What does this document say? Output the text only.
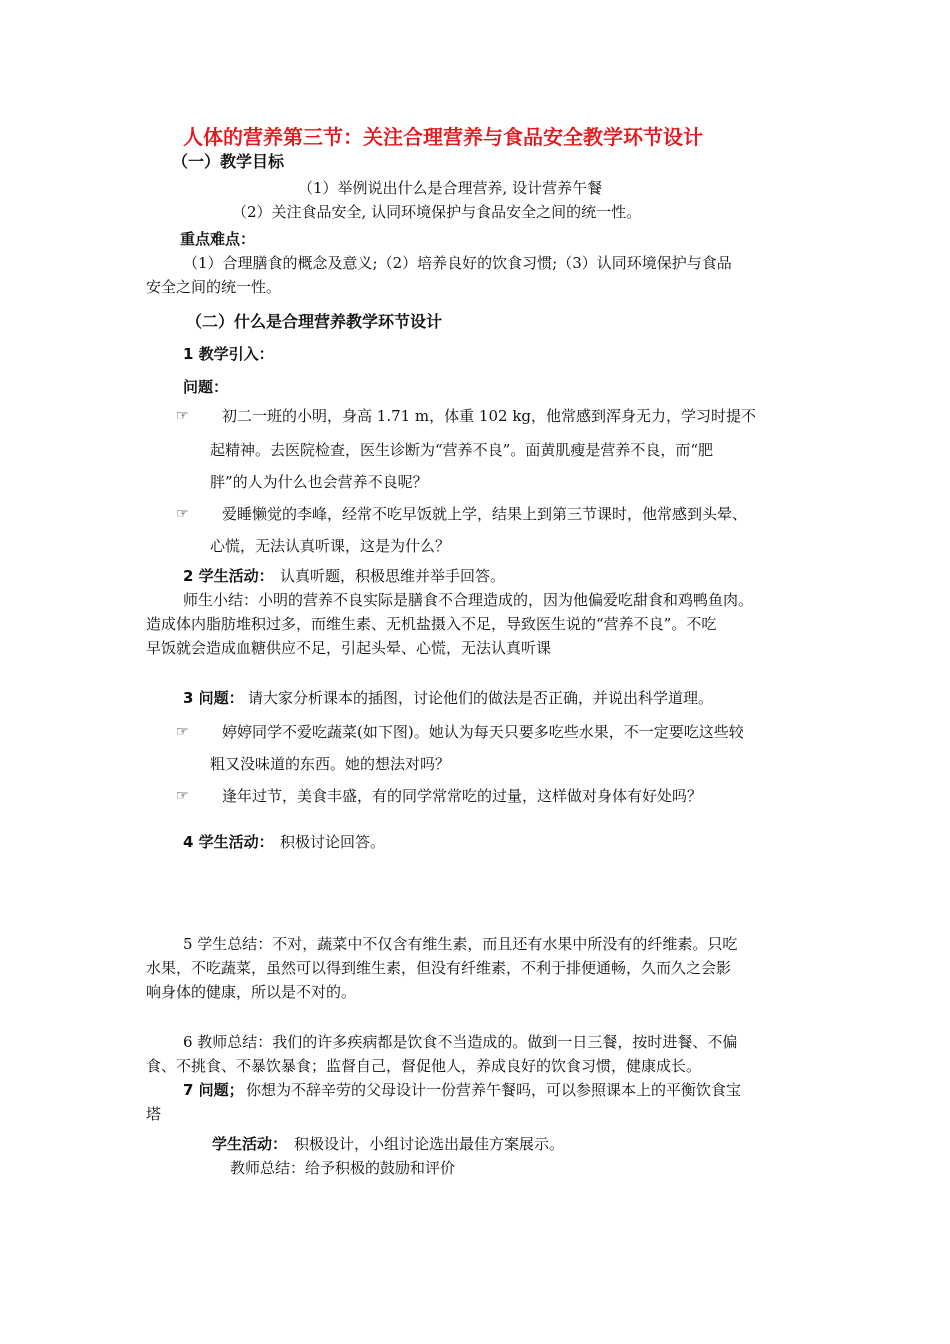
人体的营养第三节：关注合理营养与食品安全教学环节设计
（一）教学目标
（1）举例说出什么是合理营养, 设计营养午餐
（2）关注食品安全, 认同环境保护与食品安全之间的统一性。
重点难点：
（1）合理膳食的概念及意义;（2）培养良好的饮食习惯;（3）认同环境保护与食品
安全之间的统一性。
（二）什么是合理营养教学环节设计
1 教学引入：
问题：
☞ 初二一班的小明，身高 1.71 m，体重 102 kg，他常感到浑身无力，学习时提不
起精神。去医院检查，医生诊断为“营养不良”。面黄肌瘦是营养不良，而“肥
胖”的人为什么也会营养不良呢？
☞ 爱睡懒觉的李峰，经常不吃早饭就上学，结果上到第三节课时，他常感到头晕、
心慌，无法认真听课，这是为什么？
2 学生活动： 认真听题，积极思维并举手回答。
师生小结：小明的营养不良实际是膳食不合理造成的，因为他偏爱吃甜食和鸡鸭鱼肉。
造成体内脂肪堆积过多，而维生素、无机盐摄入不足，导致医生说的“营养不良”。不吃
早饭就会造成血糖供应不足，引起头晕、心慌，无法认真听课
3 问题： 请大家分析课本的插图，讨论他们的做法是否正确，并说出科学道理。
☞ 婷婷同学不爱吃蔬菜(如下图)。她认为每天只要多吃些水果，不一定要吃这些较
粗又没味道的东西。她的想法对吗？
☞ 逢年过节，美食丰盛，有的同学常常吃的过量，这样做对身体有好处吗？
4 学生活动： 积极讨论回答。
5 学生总结：不对，蔬菜中不仅含有维生素，而且还有水果中所没有的纤维素。只吃
水果，不吃蔬菜，虽然可以得到维生素，但没有纤维素，不利于排便通畅，久而久之会影
响身体的健康，所以是不对的。
6 教师总结：我们的许多疾病都是饮食不当造成的。做到一日三餐，按时进餐、不偏
食、不挑食、不暴饮暴食；监督自己，督促他人，养成良好的饮食习惯，健康成长。
7 问题； 你想为不辞辛劳的父母设计一份营养午餐吗，可以参照课本上的平衡饮食宝
塔
学生活动： 积极设计，小组讨论选出最佳方案展示。
教师总结：给予积极的鼓励和评价
